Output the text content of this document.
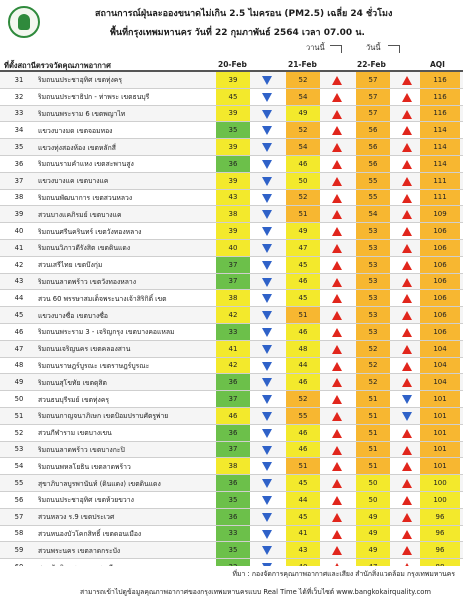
สถานการณ์ฝุ่นละอองขนาดไม่เกิน 2.5 ไมครอน (PM2.5) เฉลี่ย 24 ชั่วโมง
พื้นที่กรุงเทพมหานคร วันที่ 22 กุมภาพันธ์ 2564 เวลา 07.00 น.
วานนี้	วันนี้
ที่ตั้งสถานีตรวจวัดคุณภาพอากาศ	20-Feb	21-Feb	22-Feb	AQI
31	ริมถนนประชาอุทิศ เขตทุ่งครุ	39	52	57	116
32	ริมถนนประชาธิปก - ท่าพระ เขตธนบุรี	45	54	57	116
33	ริมถนนพระราม 6 เขตพญาไท	39	49	57	116
34	แขวงบางมด เขตจอมทอง	35	52	56	114
35	แขวงทุ่งสองห้อง เขตหลักสี่	39	54	56	114
36	ริมถนนรามคำแหง เขตสะพานสูง	36	46	56	114
37	แขวงบางแค เขตบางแค	39	50	55	111
38	ริมถนนพัฒนาการ เขตสวนหลวง	43	52	55	111
39	สวนบางแคภิรมย์ เขตบางแค	38	51	54	109
40	ริมถนนศรีนครินทร์ เขตวังทองหลาง	39	49	53	106
41	ริมถนนวิภาวดีรังสิต เขตดินแดง	40	47	53	106
42	สวนเสรีไทย เขตบึงกุ่ม	37	45	53	106
43	ริมถนนลาดพร้าว เขตวังทองหลาง	37	46	53	106
44	สวน 60 พรรษาสมเด็จพระนางเจ้าสิริกิติ์ เขต	38	45	53	106
45	แขวงบางซื่อ เขตบางซื่อ	42	51	53	106
46	ริมถนนพระราม 3 - เจริญกรุง เขตบางคอแหลม	33	46	53	106
47	ริมถนนเจริญนคร เขตคลองสาน	41	48	52	104
48	ริมถนนราษฎร์บูรณะ เขตราษฎร์บูรณะ	42	44	52	104
49	ริมถนนสุโขทัย เขตดุสิต	36	46	52	104
50	สวนธนบุรีรมย์ เขตทุ่งครุ	37	52	51	101
51	ริมถนนกาญจนาภิเษก เขตป้อมปราบศัตรูพ่าย	46	55	51	101
52	สวนกีฬาราม เขตบางเขน	36	46	51	101
53	ริมถนนลาดพร้าว เขตบางกะปิ	37	46	51	101
54	ริมถนนพหลโยธิน เขตลาดพร้าว	38	51	51	101
55	สุขาภิบาลบูรพานันท์ (ดินแดง) เขตดินแดง	36	45	50	100
56	ริมถนนประชาอุทิศ เขตห้วยขวาง	35	44	50	100
57	สวนหลวง ร.9 เขตประเวศ	36	45	49	96
58	สวนหนองบัวโคกสิทธิ์ เขตดอนเมือง	33	41	49	96
59	สวนพระนคร เขตลาดกระบัง	35	43	49	96
ที่มา : กองจัดการคุณภาพอากาศและเสียง สำนักสิ่งแวดล้อม กรุงเทพมหานคร
สามารถเข้าไปดูข้อมูลคุณภาพอากาศของกรุงเทพมหานครแบบ Real Time ได้ที่เว็บไซต์ www.bangkokairquality.com
